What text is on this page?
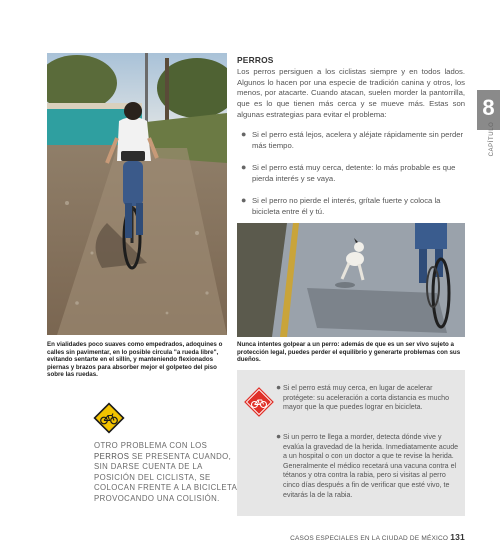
PERROS

Los perros persiguen a los ciclistas siempre y en todos lados. Algunos lo hacen por una especie de tradición canina y otros, los menos, por atacarte. Cuando atacan, suelen morder la pantorrilla, que es lo que tienen más cerca y se mueve más. Estas son algunas estrategias para evitar el problema:

● Si el perro está lejos, acelera y aléjate rápidamente sin perder más tiempo.
● Si el perro está muy cerca, detente: lo más probable es que pierda interés y se vaya.
● Si el perro no pierde el interés, grítale fuerte y coloca la bicicleta entre él y tú.
8
CAPÍTULO
En vialidades poco suaves como empedrados, adoquines o calles sin pavimentar, en lo posible circula "a rueda libre", evitando sentarte en el sillín, y manteniendo flexionados piernas y brazos para absorber mejor el golpeteo del piso sobre las ruedas.
Nunca intentes golpear a un perro: además de que es un ser vivo sujeto a protección legal, puedes perder el equilibrio y generarte problemas con sus dueños.
OTRO PROBLEMA CON LOS
PERROS SE PRESENTA CUANDO, SIN DARSE CUENTA DE LA POSICIÓN DEL CICLISTA, SE COLOCAN FRENTE A LA BICICLETA PROVOCANDO UNA COLISIÓN.
● Si el perro está muy cerca, en lugar de acelerar protégete: su aceleración a corta distancia es mucho mayor que la que puedes lograr en bicicleta.
● Si un perro te llega a morder, detecta dónde vive y evalúa la gravedad de la herida. Inmediatamente acude a un hospital o con un doctor a que te revise la herida. Generalmente el médico recetará una vacuna contra el tétanos y otra contra la rabia, pero si visitas al perro cinco días después a fin de verificar que esté vivo, te evitarás la de la rabia.
CASOS ESPECIALES EN LA CIUDAD DE MÉXICO 131
